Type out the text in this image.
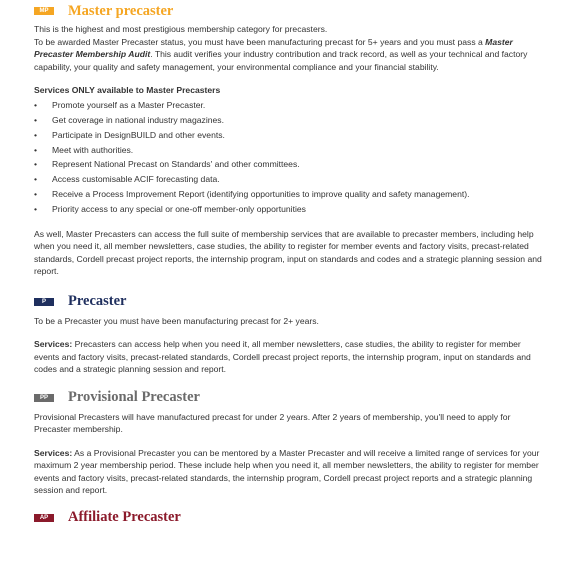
MP	Master precaster

This is the highest and most prestigious membership category for precasters.

To be awarded Master Precaster status, you must have been manufacturing precast for 5+ years and you must pass a Master Precaster Membership Audit. This audit verifies your industry contribution and track record, as well as your technical and factory capability, your quality and safety management, your environmental compliance and your financial stability.

Services ONLY available to Master Precasters

• Promote yourself as a Master Precaster.
• Get coverage in national industry magazines.
• Participate in DesignBUILD and other events.
• Meet with authorities.
• Represent National Precast on Standards' and other committees.
• Access customisable ACIF forecasting data.
• Receive a Process Improvement Report (identifying opportunities to improve quality and safety management).
• Priority access to any special or one-off member-only opportunities

As well, Master Precasters can access the full suite of membership services that are available to precaster members, including help when you need it, all member newsletters, case studies, the ability to register for member events and factory visits, precast-related standards, Cordell precast project reports, the internship program, input on standards and codes and a strategic planning session and report.

P	Precaster

To be a Precaster you must have been manufacturing precast for 2+ years.

Services: Precasters can access help when you need it, all member newsletters, case studies, the ability to register for member events and factory visits, precast-related standards, Cordell precast project reports, the internship program, input on standards and codes and a strategic planning session and report.

PP	Provisional Precaster

Provisional Precasters will have manufactured precast for under 2 years. After 2 years of membership, you'll need to apply for Precaster membership.

Services: As a Provisional Precaster you can be mentored by a Master Precaster and will receive a limited range of services for your maximum 2 year membership period. These include help when you need it, all member newsletters, the ability to register for member events and factory visits, precast-related standards, the internship program, Cordell precast project reports and a strategic planning session and report.

AP	Affiliate Precaster
